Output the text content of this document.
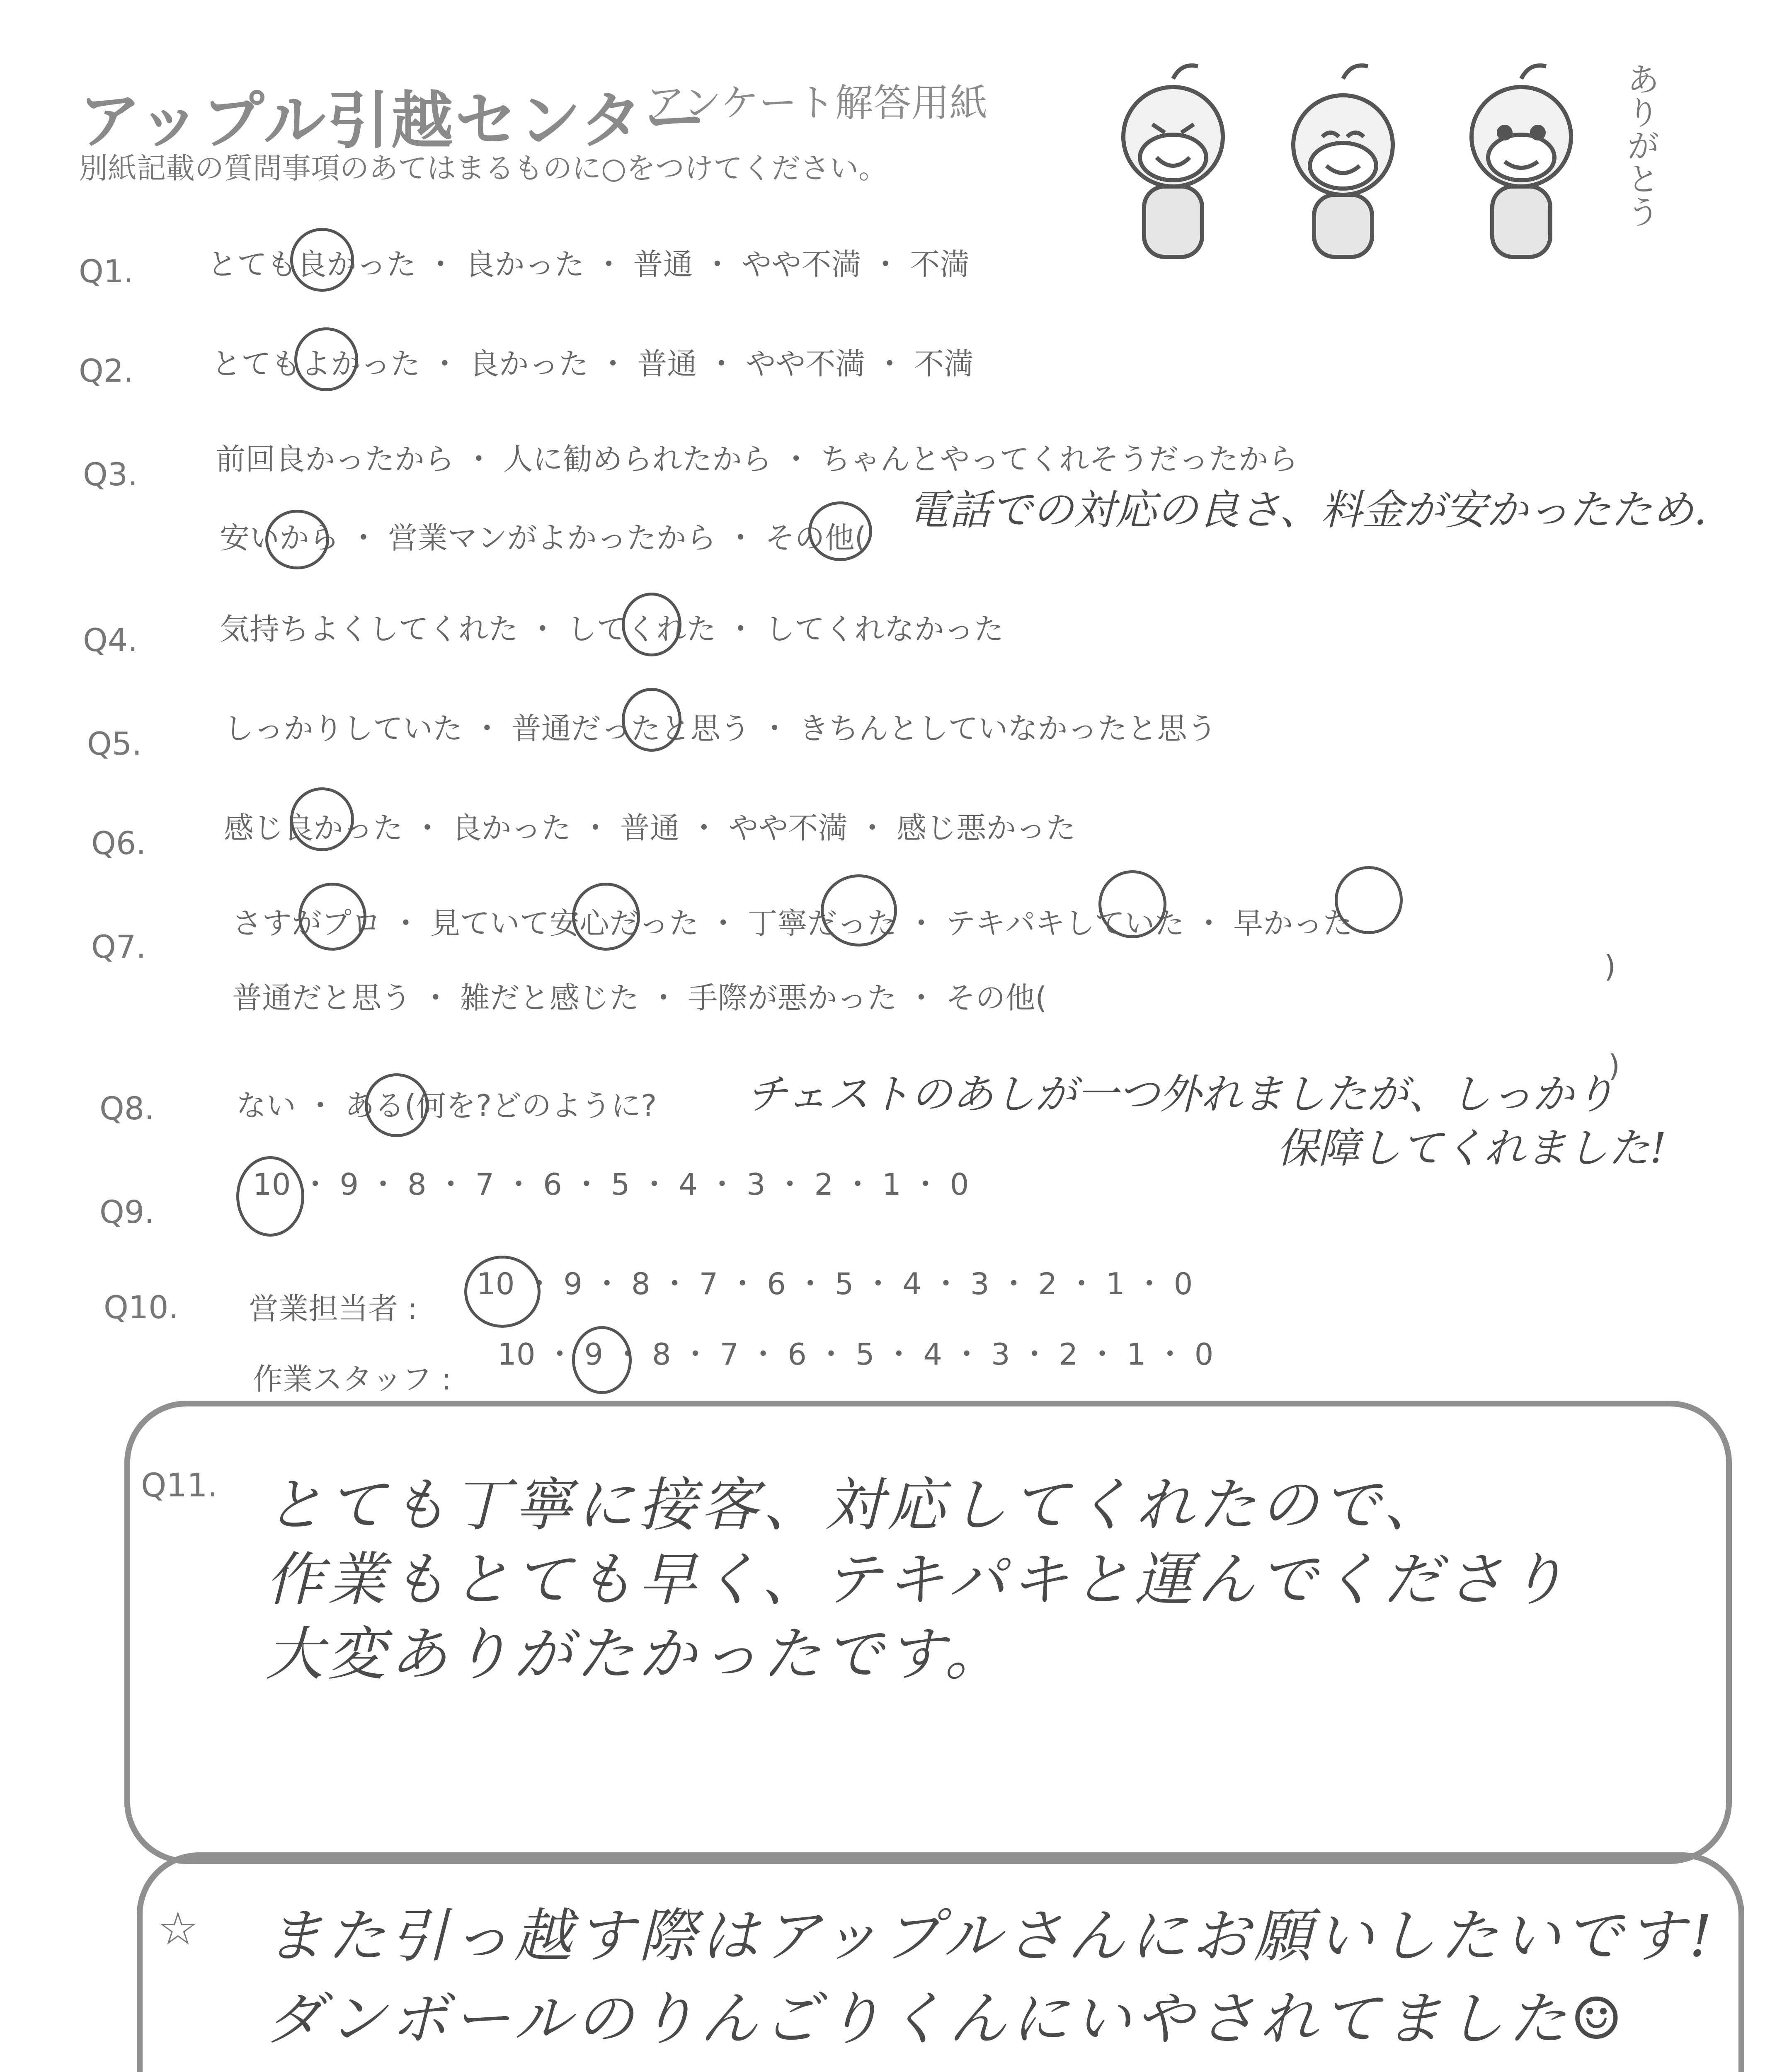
アップル引越センター
アンケート解答用紙
別紙記載の質問事項のあてはまるものに○をつけてください。	ありがとう
Q1. とても良かった ・ 良かった ・ 普通 ・ やや不満 ・ 不満
Q2.	とてもよかった ・ 良かった ・ 普通 ・ やや不満 ・ 不満
Q3.	前回良かったから ・ 人に勧められたから ・ ちゃんとやってくれそうだったから
安いから ・ 営業マンがよかったから ・ その他(
電話での対応の良さ、料金が安かったため.
Q4.	気持ちよくしてくれた ・ してくれた ・ してくれなかった
Q5.	しっかりしていた ・ 普通だったと思う ・ きちんとしていなかったと思う
Q6.	感じ良かった ・ 良かった ・ 普通 ・ やや不満 ・ 感じ悪かった
Q7.
さすがプロ ・ 見ていて安心だった ・ 丁寧だった ・ テキパキしていた ・ 早かった
普通だと思う ・ 雑だと感じた ・ 手際が悪かった ・ その他(
)
Q8.	ない ・ ある(何を?どのように?
)
チェストのあしが一つ外れましたが、しっかり
保障してくれました!
Q9.
10 ・ 9 ・ 8 ・ 7 ・ 6 ・ 5 ・ 4 ・ 3 ・ 2 ・ 1 ・ 0
Q10. 営業担当者 :
10 ・ 9 ・ 8 ・ 7 ・ 6 ・ 5 ・ 4 ・ 3 ・ 2 ・ 1 ・ 0
作業スタッフ :
10 ・ 9 ・ 8 ・ 7 ・ 6 ・ 5 ・ 4 ・ 3 ・ 2 ・ 1 ・ 0
Q11. とても丁寧に接客、対応してくれたので、
作業もとても早く、テキパキと運んでくださり
大変ありがたかったです。
☆ また引っ越す際はアップルさんにお願いしたいです!
ダンボールのりんごりくんにいやされてました☺
